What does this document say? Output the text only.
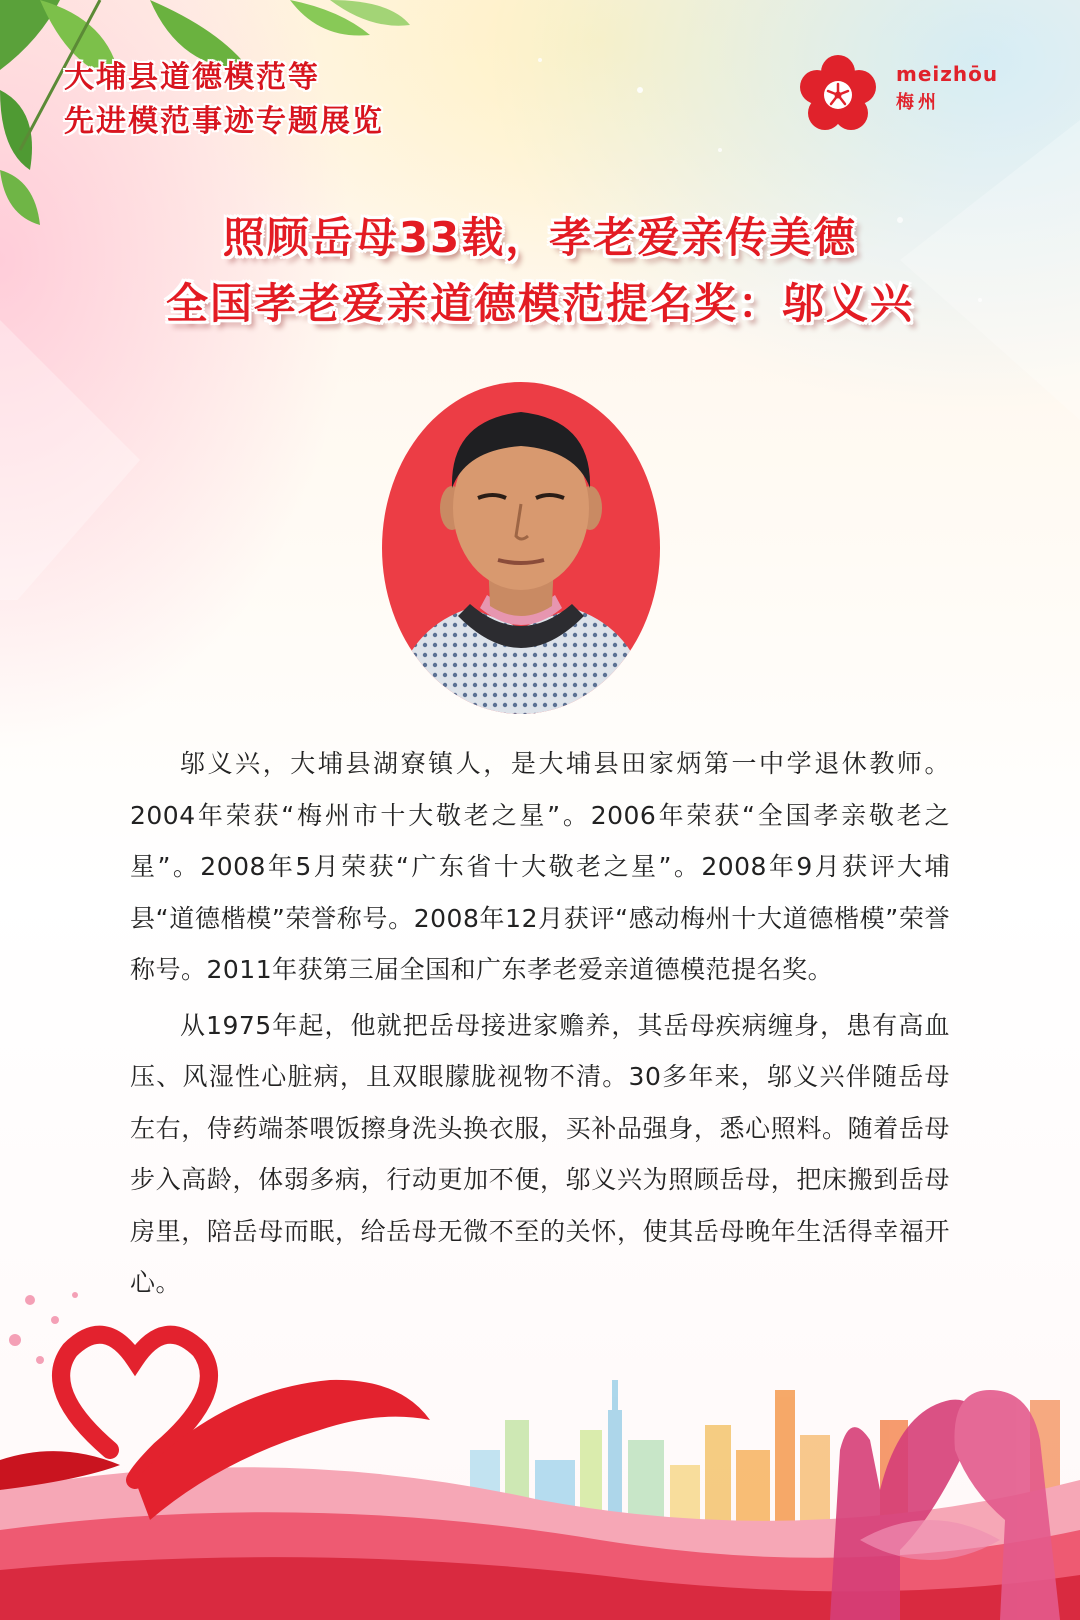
大埔县道德模范等
先进模范事迹专题展览
meizhōu
梅州
照顾岳母33载，孝老爱亲传美德
全国孝老爱亲道德模范提名奖：邬义兴

邬义兴，大埔县湖寮镇人，是大埔县田家炳第一中学退休教师。2004年荣获“梅州市十大敬老之星”。2006年荣获“全国孝亲敬老之星”。2008年5月荣获“广东省十大敬老之星”。2008年9月获评大埔县“道德楷模”荣誉称号。2008年12月获评“感动梅州十大道德楷模”荣誉称号。2011年获第三届全国和广东孝老爱亲道德模范提名奖。

从1975年起，他就把岳母接进家赡养，其岳母疾病缠身，患有高血压、风湿性心脏病，且双眼朦胧视物不清。30多年来，邬义兴伴随岳母左右，侍药端茶喂饭擦身洗头换衣服，买补品强身，悉心照料。随着岳母步入高龄，体弱多病，行动更加不便，邬义兴为照顾岳母，把床搬到岳母房里，陪岳母而眠，给岳母无微不至的关怀，使其岳母晚年生活得幸福开心。
